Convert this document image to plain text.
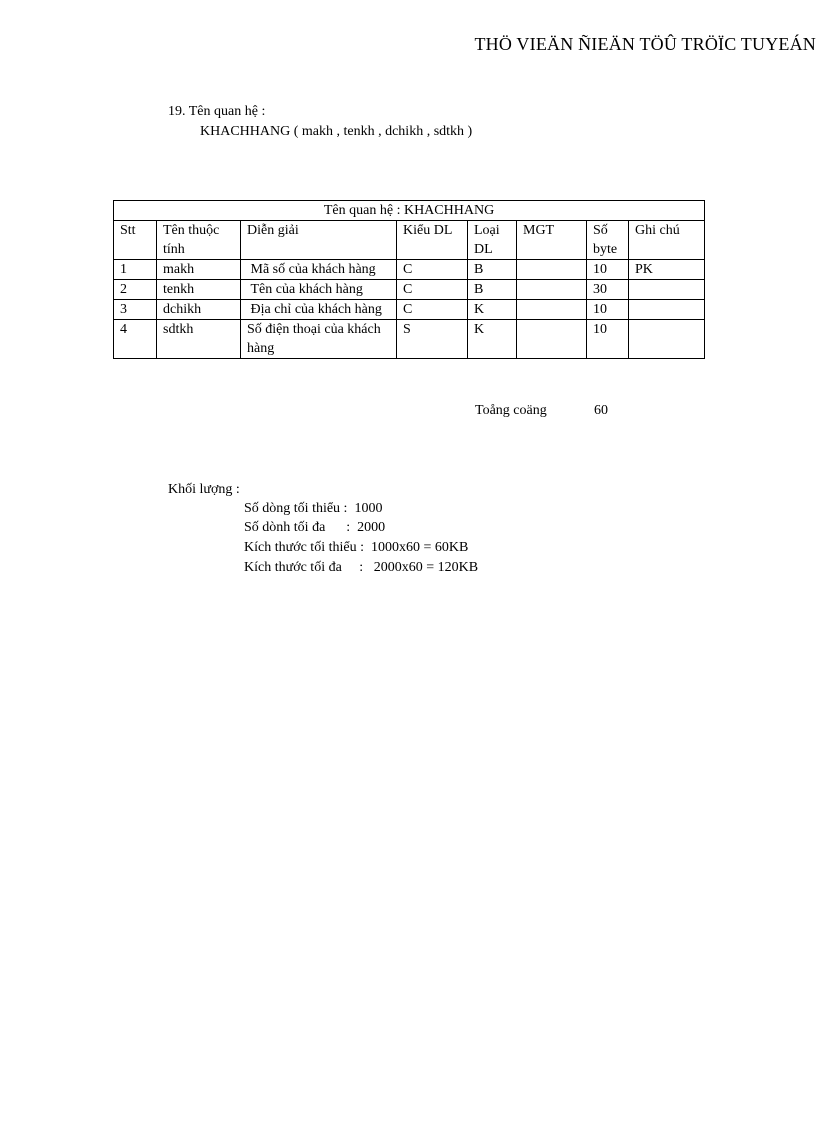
THÖ VIEÄN ÑIEÄN TÖÛ TRÖÏC TUYEÁN
19. Tên quan hệ :
KHACHHANG ( makh , tenkh , dchikh , sdtkh )
Tên quan hệ : KHACHHANG							
Stt	Tên thuộc tính	Diễn giải	Kiểu DL	Loại DL	MGT	Số byte	Ghi chú
1	makh	Mã số của khách hàng	C	B		10	PK
2	tenkh	Tên của khách hàng	C	B		30	
3	dchikh	Địa chỉ của khách hàng	C	K		10	
4	sdtkh	Số điện thoại của khách hàng	S	K		10	
Toång coäng	60
Khối lượng :
Số dòng tối thiểu :  1000
Số dònh tối đa      :  2000
Kích thước tối thiểu :  1000x60 = 60KB
Kích thước tối đa     :   2000x60 = 120KB
